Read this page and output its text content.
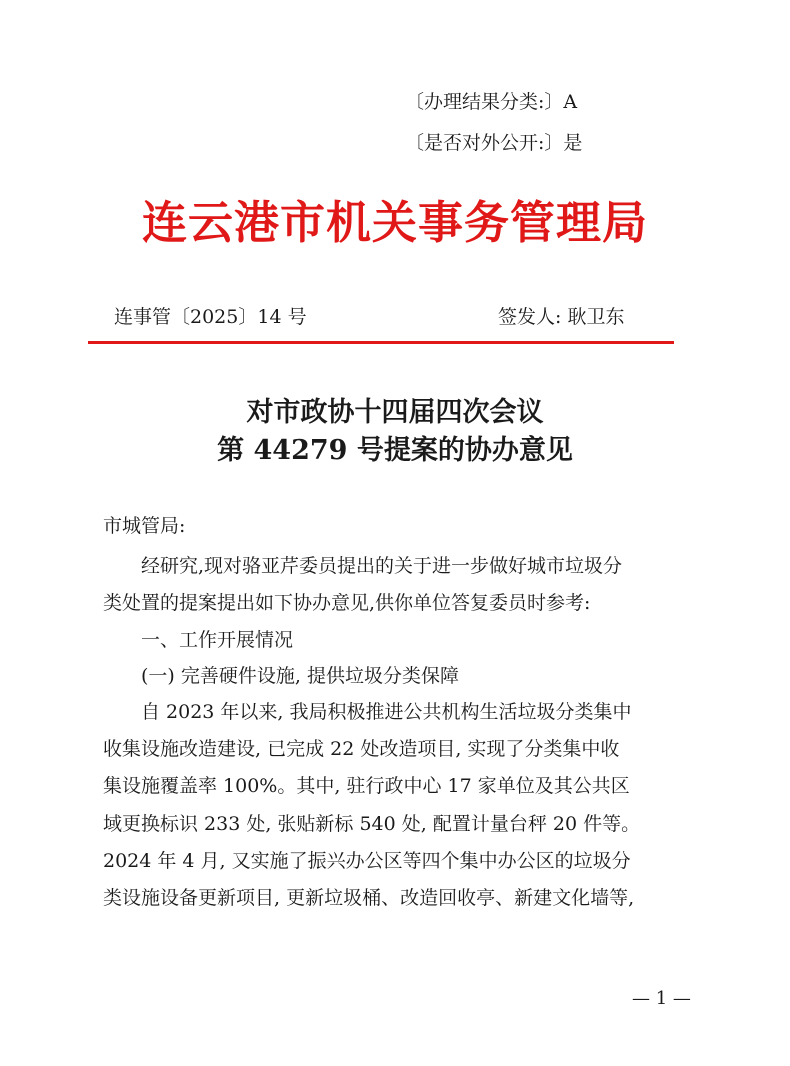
〔办理结果分类:〕A
〔是否对外公开:〕是
连云港市机关事务管理局
连事管〔2025〕14 号	签发人: 耿卫东
对市政协十四届四次会议
第 44279 号提案的协办意见
市城管局:
经研究,现对骆亚芹委员提出的关于进一步做好城市垃圾分
类处置的提案提出如下协办意见,供你单位答复委员时参考:
一、工作开展情况
(一) 完善硬件设施, 提供垃圾分类保障
自 2023 年以来, 我局积极推进公共机构生活垃圾分类集中
收集设施改造建设, 已完成 22 处改造项目, 实现了分类集中收
集设施覆盖率 100%。其中, 驻行政中心 17 家单位及其公共区
域更换标识 233 处, 张贴新标 540 处, 配置计量台秤 20 件等。
2024 年 4 月, 又实施了振兴办公区等四个集中办公区的垃圾分
类设施设备更新项目, 更新垃圾桶、改造回收亭、新建文化墙等,
— 1 —
